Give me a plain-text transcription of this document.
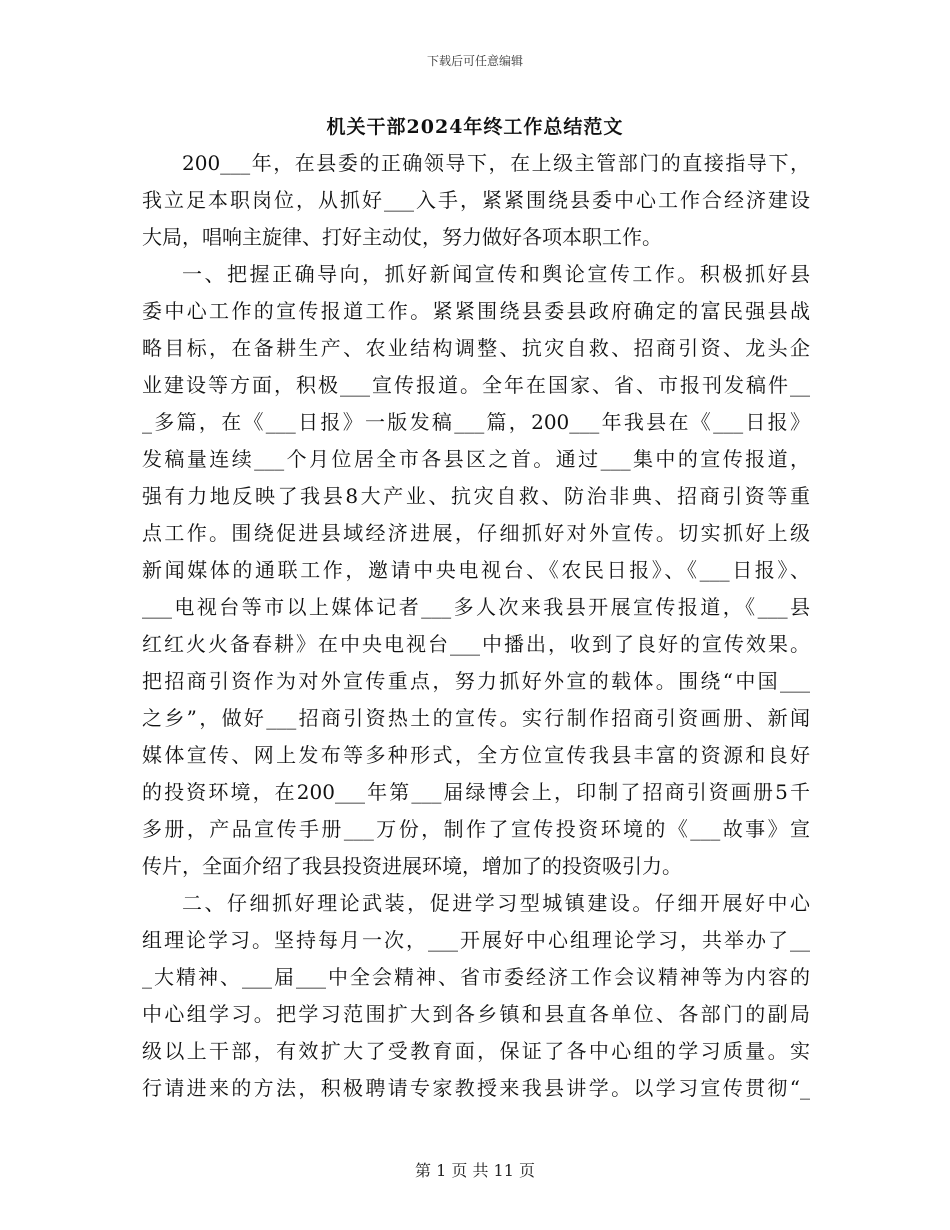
下载后可任意编辑
机关干部2024年终工作总结范文
200___年，在县委的正确领导下，在上级主管部门的直接指导下，
我立足本职岗位，从抓好___入手，紧紧围绕县委中心工作合经济建设
大局，唱响主旋律、打好主动仗，努力做好各项本职工作。
一、把握正确导向，抓好新闻宣传和舆论宣传工作。积极抓好县
委中心工作的宣传报道工作。紧紧围绕县委县政府确定的富民强县战
略目标，在备耕生产、农业结构调整、抗灾自救、招商引资、龙头企
业建设等方面，积极___宣传报道。全年在国家、省、市报刊发稿件__
_多篇，在《___日报》一版发稿___篇，200___年我县在《___日报》
发稿量连续___个月位居全市各县区之首。通过___集中的宣传报道，
强有力地反映了我县8大产业、抗灾自救、防治非典、招商引资等重
点工作。围绕促进县域经济进展，仔细抓好对外宣传。切实抓好上级
新闻媒体的通联工作，邀请中央电视台、《农民日报》、《___日报》、
___电视台等市以上媒体记者___多人次来我县开展宣传报道，《___县
红红火火备春耕》在中央电视台___中播出，收到了良好的宣传效果。
把招商引资作为对外宣传重点，努力抓好外宣的载体。围绕“中国___
之乡”，做好___招商引资热土的宣传。实行制作招商引资画册、新闻
媒体宣传、网上发布等多种形式，全方位宣传我县丰富的资源和良好
的投资环境，在200___年第___届绿博会上，印制了招商引资画册5千
多册，产品宣传手册___万份，制作了宣传投资环境的《___故事》宣
传片，全面介绍了我县投资进展环境，增加了的投资吸引力。
二、仔细抓好理论武装，促进学习型城镇建设。仔细开展好中心
组理论学习。坚持每月一次，___开展好中心组理论学习，共举办了__
_大精神、___届___中全会精神、省市委经济工作会议精神等为内容的
中心组学习。把学习范围扩大到各乡镇和县直各单位、各部门的副局
级以上干部，有效扩大了受教育面，保证了各中心组的学习质量。实
行请进来的方法，积极聘请专家教授来我县讲学。以学习宣传贯彻“_
第 1 页 共 11 页
